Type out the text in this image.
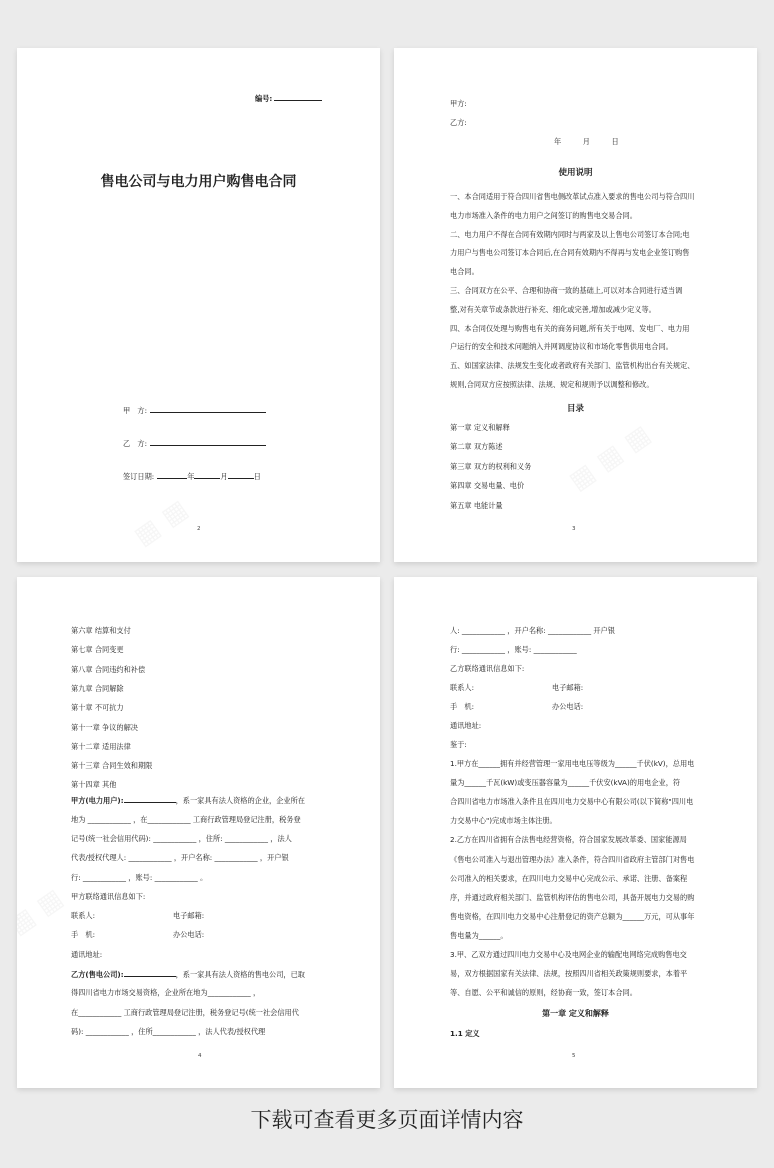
编号:
售电公司与电力用户购售电合同
甲　方:
乙　方:
签订日期:	年	月	日
2
甲方:
乙方:
年　　　月　　　日
使用说明
目录
3
一、本合同适用于符合四川省售电侧改革试点准入要求的售电公司与符合四川
电力市场准入条件的电力用户之间签订的购售电交易合同。
二、电力用户不得在合同有效期内同时与两家及以上售电公司签订本合同;电
力用户与售电公司签订本合同后,在合同有效期内不得再与发电企业签订购售
电合同。
三、合同双方在公平、合理和协商一致的基础上,可以对本合同进行适当调
整,对有关章节或条款进行补充、细化或完善,增加或减少定义等。
四、本合同仅处理与购售电有关的商务问题,所有关于电网、发电厂、电力用
户运行的安全和技术问题纳入并网调度协议和市场化零售供用电合同。
五、如国家法律、法规发生变化或者政府有关部门、监管机构出台有关规定、
规则,合同双方应按照法律、法规、规定和规则予以调整和修改。
第一章 定义和解释
第二章 双方陈述
第三章 双方的权利和义务
第四章 交易电量、电价
第五章 电能计量
甲方(电力用户):	，系一家具有法人资格的企业，企业所在
地为 ____________ ，在____________ 工商行政管理局登记注册，税务登
记号(统一社会信用代码): ____________ ，住所: ____________ ，法人
代表/授权代理人: ____________ ，开户名称: ____________ ，开户银
行: ____________ ，账号: ____________ 。
甲方联络通讯信息如下:
联系人:	电子邮箱:
手　机:	办公电话:
通讯地址:
乙方(售电公司):	，系一家具有法人资格的售电公司，已取
得四川省电力市场交易资格，企业所在地为____________ ，
在____________ 工商行政管理局登记注册，税务登记号(统一社会信用代
码): ____________ ，住所____________ ，法人代表/授权代理
4
第六章 结算和支付
第七章 合同变更
第八章 合同违约和补偿
第九章 合同解除
第十章 不可抗力
第十一章 争议的解决
第十二章 适用法律
第十三章 合同生效和期限
第十四章 其他
人: ____________ ，开户名称: ____________ 开户银
行: ____________ ，账号: ____________
乙方联络通讯信息如下:
联系人:	电子邮箱:
手　机:	办公电话:
通讯地址:
鉴于:
第一章 定义和解释
1.1 定义
5
1.甲方在______拥有并经营管理一家用电电压等级为______千伏(kV)，总用电
量为______千瓦(kW)或变压器容量为______千伏安(kVA)的用电企业，符
合四川省电力市场准入条件且在四川电力交易中心有限公司(以下简称"四川电
力交易中心")完成市场主体注册。
2.乙方在四川省拥有合法售电经营资格，符合国家发展改革委、国家能源局
《售电公司准入与退出管理办法》准入条件，符合四川省政府主管部门对售电
公司准入的相关要求，在四川电力交易中心完成公示、承诺、注册、备案程
序，并通过政府相关部门、监管机构评估的售电公司，具备开展电力交易的购
售电资格，在四川电力交易中心注册登记的资产总额为______万元，可从事年
售电量为______。
3.甲、乙双方通过四川电力交易中心及电网企业的输配电网络完成购售电交
易，双方根据国家有关法律、法规，按照四川省相关政策规则要求，本着平
等、自愿、公平和诚信的原则，经协商一致，签订本合同。
下载可查看更多页面详情内容
